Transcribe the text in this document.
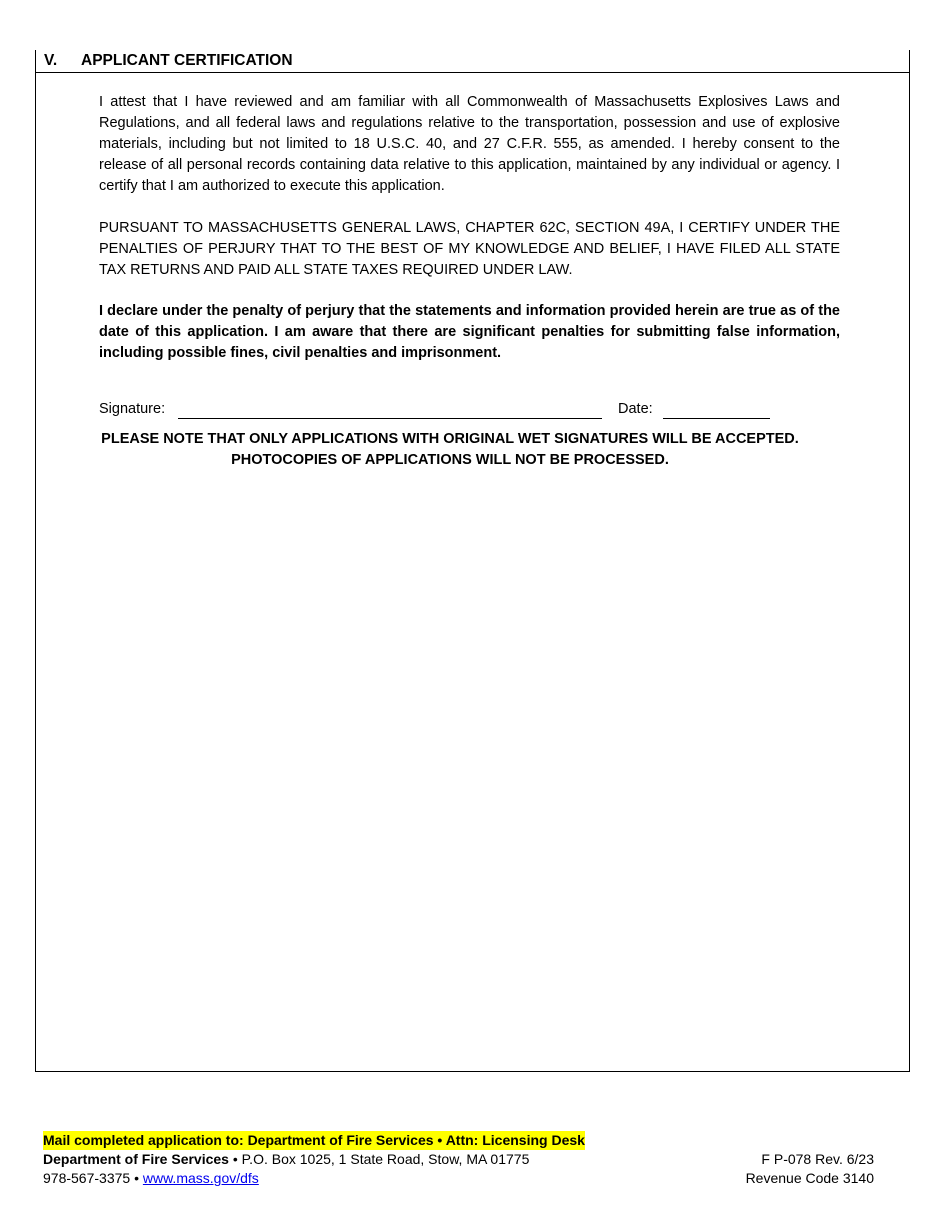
V. APPLICANT CERTIFICATION

I attest that I have reviewed and am familiar with all Commonwealth of Massachusetts Explosives Laws and Regulations, and all federal laws and regulations relative to the transportation, possession and use of explosive materials, including but not limited to 18 U.S.C. 40, and 27 C.F.R. 555, as amended. I hereby consent to the release of all personal records containing data relative to this application, maintained by any individual or agency. I certify that I am authorized to execute this application.

PURSUANT TO MASSACHUSETTS GENERAL LAWS, CHAPTER 62C, SECTION 49A, I CERTIFY UNDER THE PENALTIES OF PERJURY THAT TO THE BEST OF MY KNOWLEDGE AND BELIEF, I HAVE FILED ALL STATE TAX RETURNS AND PAID ALL STATE TAXES REQUIRED UNDER LAW.

I declare under the penalty of perjury that the statements and information provided herein are true as of the date of this application. I am aware that there are significant penalties for submitting false information, including possible fines, civil penalties and imprisonment.

Signature:	Date:
PLEASE NOTE THAT ONLY APPLICATIONS WITH ORIGINAL WET SIGNATURES WILL BE ACCEPTED.
PHOTOCOPIES OF APPLICATIONS WILL NOT BE PROCESSED.
Mail completed application to: Department of Fire Services • Attn: Licensing Desk
Department of Fire Services • P.O. Box 1025, 1 State Road, Stow, MA 01775
978-567-3375 • www.mass.gov/dfs
F P-078 Rev. 6/23
Revenue Code 3140
